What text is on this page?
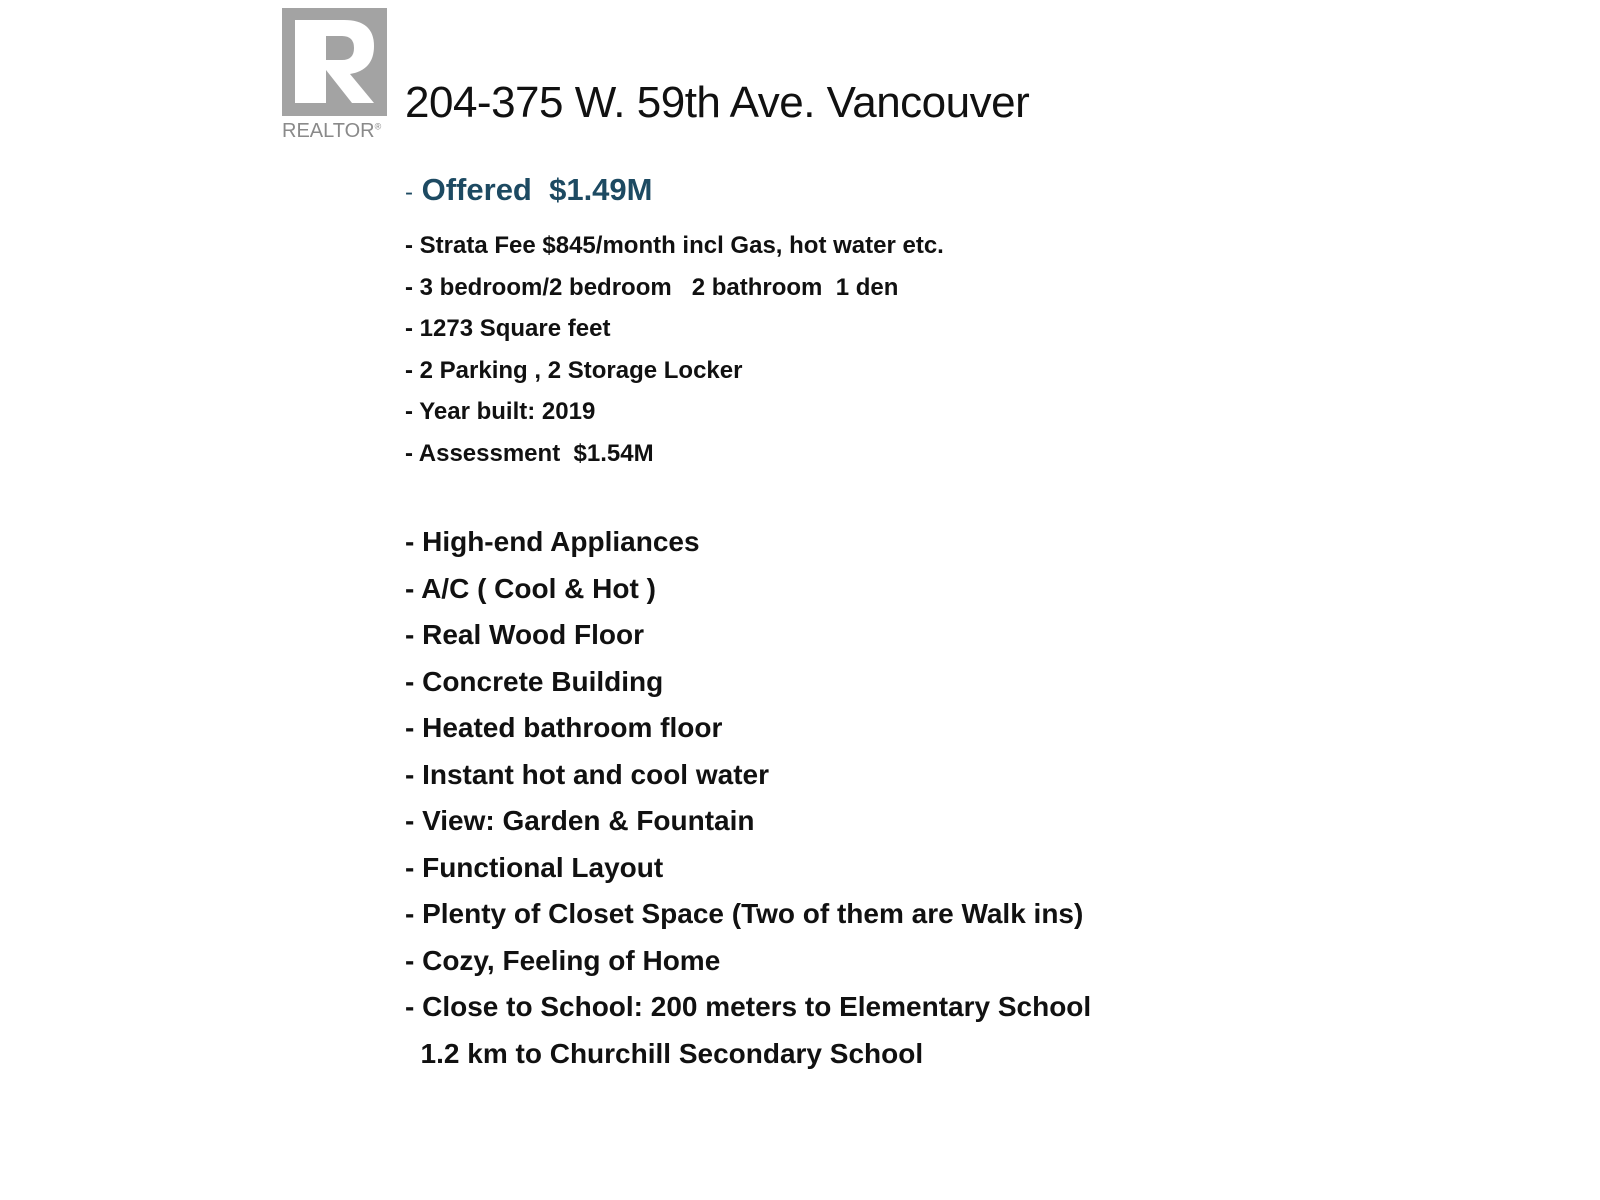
REALTOR® 204-375 W. 59th Ave. Vancouver
- Offered  $1.49M
- Strata Fee $845/month incl Gas, hot water etc.
- 3 bedroom/2 bedroom   2 bathroom  1 den
- 1273 Square feet
- 2 Parking , 2 Storage Locker
- Year built: 2019
- Assessment  $1.54M
- High-end Appliances
- A/C ( Cool & Hot )
- Real Wood Floor
- Concrete Building
- Heated bathroom floor
- Instant hot and cool water
- View: Garden & Fountain
- Functional Layout
- Plenty of Closet Space (Two of them are Walk ins)
- Cozy, Feeling of Home
- Close to School: 200 meters to Elementary School
1.2 km to Churchill Secondary School
